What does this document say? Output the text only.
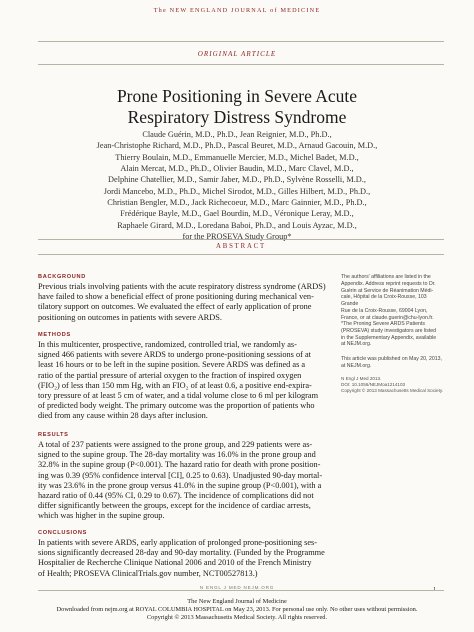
The NEW ENGLAND JOURNAL of MEDICINE
ORIGINAL ARTICLE
Prone Positioning in Severe Acute
Respiratory Distress Syndrome
Claude Guérin, M.D., Ph.D., Jean Reignier, M.D., Ph.D.,
Jean-Christophe Richard, M.D., Ph.D., Pascal Beuret, M.D., Arnaud Gacouin, M.D.,
Thierry Boulain, M.D., Emmanuelle Mercier, M.D., Michel Badet, M.D.,
Alain Mercat, M.D., Ph.D., Olivier Baudin, M.D., Marc Clavel, M.D.,
Delphine Chatellier, M.D., Samir Jaber, M.D., Ph.D., Sylvène Rosselli, M.D.,
Jordi Mancebo, M.D., Ph.D., Michel Sirodot, M.D., Gilles Hilbert, M.D., Ph.D.,
Christian Bengler, M.D., Jack Richecoeur, M.D., Marc Gainnier, M.D., Ph.D.,
Frédérique Bayle, M.D., Gael Bourdin, M.D., Véronique Leray, M.D.,
Raphaele Girard, M.D., Loredana Baboi, Ph.D., and Louis Ayzac, M.D.,
for the PROSEVA Study Group*
ABSTRACT
BACKGROUND
Previous trials involving patients with the acute respiratory distress syndrome (ARDS)
have failed to show a beneficial effect of prone positioning during mechanical ven-
tilatory support on outcomes. We evaluated the effect of early application of prone
positioning on outcomes in patients with severe ARDS.
METHODS
In this multicenter, prospective, randomized, controlled trial, we randomly as-
signed 466 patients with severe ARDS to undergo prone-positioning sessions of at
least 16 hours or to be left in the supine position. Severe ARDS was defined as a
ratio of the partial pressure of arterial oxygen to the fraction of inspired oxygen
(FIO₂) of less than 150 mm Hg, with an FIO₂ of at least 0.6, a positive end-expira-
tory pressure of at least 5 cm of water, and a tidal volume close to 6 ml per kilogram
of predicted body weight. The primary outcome was the proportion of patients who
died from any cause within 28 days after inclusion.
RESULTS
A total of 237 patients were assigned to the prone group, and 229 patients were as-
signed to the supine group. The 28-day mortality was 16.0% in the prone group and
32.8% in the supine group (P<0.001). The hazard ratio for death with prone position-
ing was 0.39 (95% confidence interval [CI], 0.25 to 0.63). Unadjusted 90-day mortal-
ity was 23.6% in the prone group versus 41.0% in the supine group (P<0.001), with a
hazard ratio of 0.44 (95% CI, 0.29 to 0.67). The incidence of complications did not
differ significantly between the groups, except for the incidence of cardiac arrests,
which was higher in the supine group.
CONCLUSIONS
In patients with severe ARDS, early application of prolonged prone-positioning ses-
sions significantly decreased 28-day and 90-day mortality. (Funded by the Programme
Hospitalier de Recherche Clinique National 2006 and 2010 of the French Ministry
of Health; PROSEVA ClinicalTrials.gov number, NCT00527813.)
The authors' affiliations are listed in the
Appendix. Address reprint requests to Dr.
Guérin at Service de Réanimation Médi-
cale, Hôpital de la Croix-Rousse, 103 Grande
Rue de la Croix-Rousse, 69004 Lyon,
France, or at claude.guerin@chu-lyon.fr.
*The Proning Severe ARDS Patients
(PROSEVA) study investigators are listed
in the Supplementary Appendix, available
at NEJM.org.
This article was published on May 20, 2013,
at NEJM.org.
N Engl J Med 2013.
DOI: 10.1056/NEJMoa1214103
Copyright © 2013 Massachusetts Medical Society.
N ENGL J MED NEJM.ORG	1
The New England Journal of Medicine
Downloaded from nejm.org at ROYAL COLUMBIA HOSPITAL on May 23, 2013. For personal use only. No other uses without permission.
Copyright © 2013 Massachusetts Medical Society. All rights reserved.
